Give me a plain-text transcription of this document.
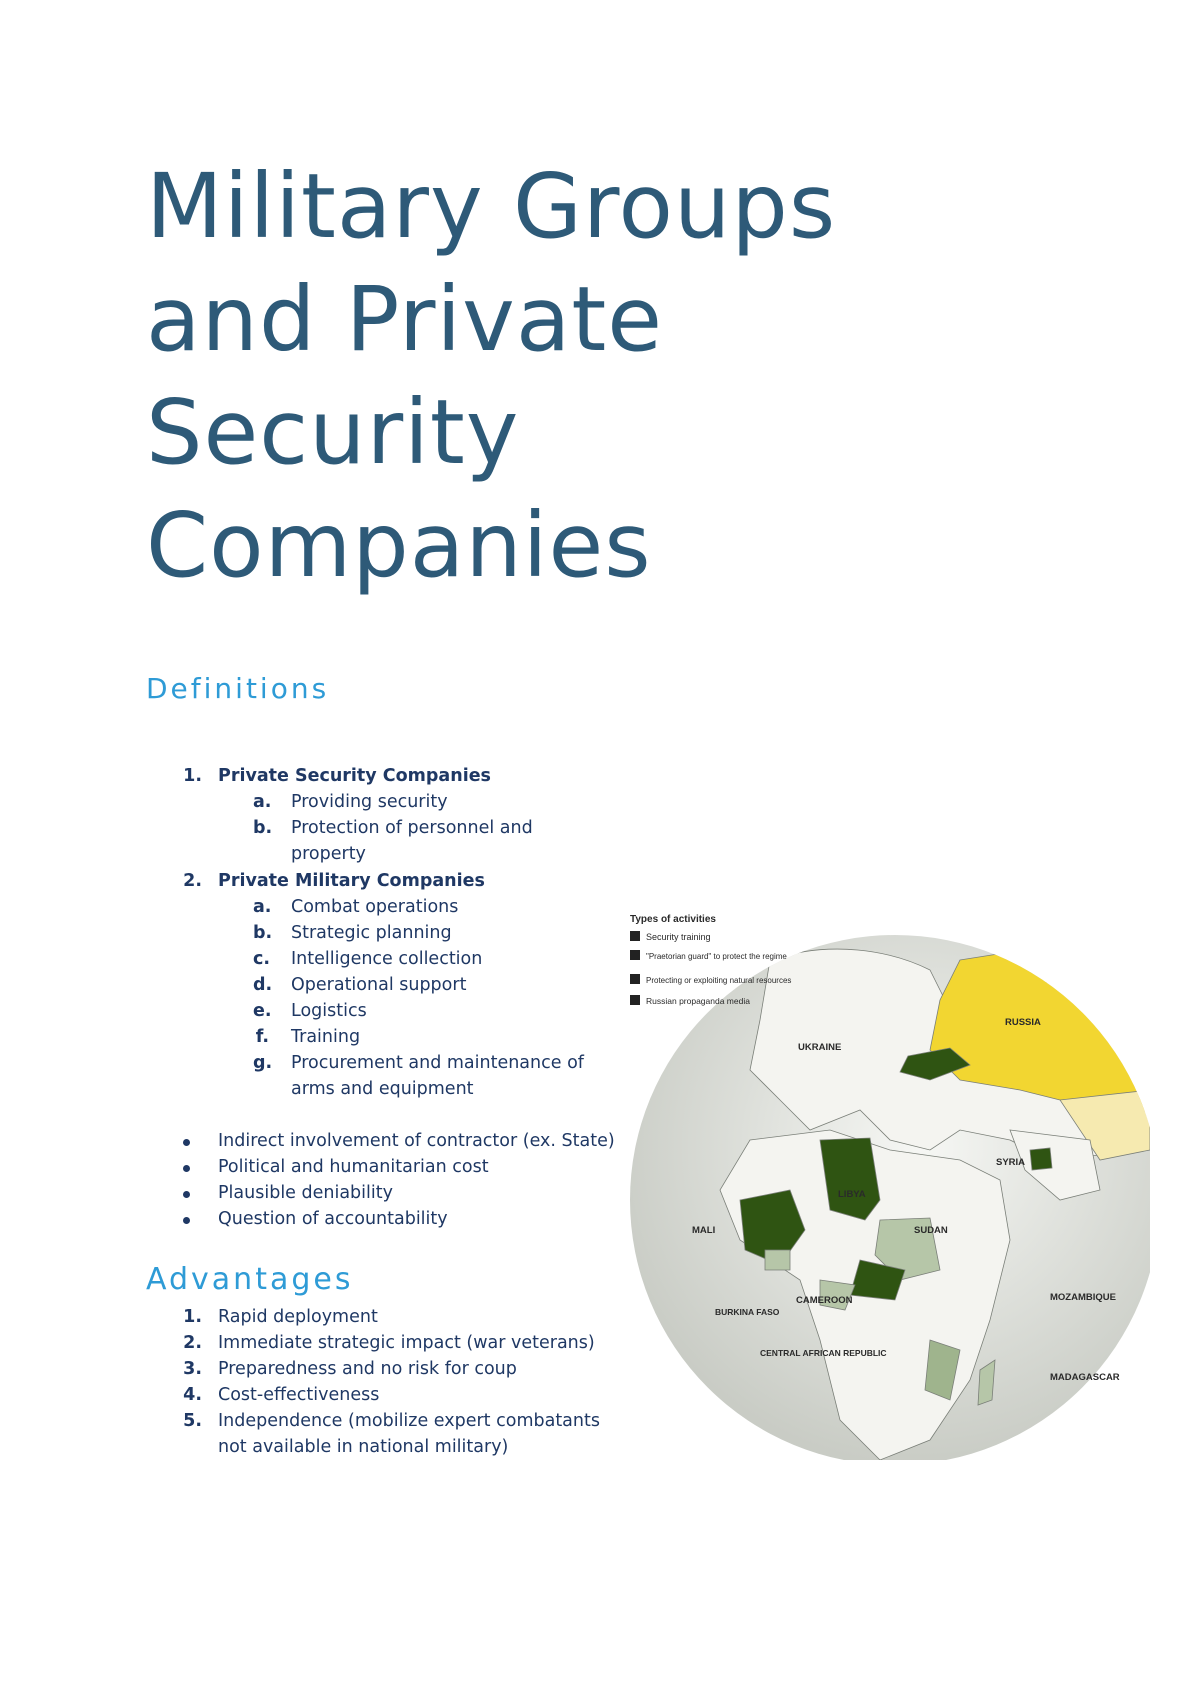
Military Groups
and Private
Security
Companies
Definitions
1. Private Security Companies
a. Providing security
b. Protection of personnel and property
2. Private Military Companies
a. Combat operations
b. Strategic planning
c. Intelligence collection
d. Operational support
e. Logistics
f. Training
g. Procurement and maintenance of arms and equipment
Indirect involvement of contractor (ex. State)
Political and humanitarian cost
Plausible deniability
Question of accountability
Advantages
1. Rapid deployment
2. Immediate strategic impact (war veterans)
3. Preparedness and no risk for coup
4. Cost-effectiveness
5. Independence (mobilize expert combatants not available in national military)
Types of activities
Security training
"Praetorian guard" to protect the regime
Protecting or exploiting natural resources
Russian propaganda media
RUSSIA
UKRAINE
SYRIA
LIBYA
MALI	SUDAN
BURKINA FASO
CAMEROON
CENTRAL AFRICAN REPUBLIC
MOZAMBIQUE
MADAGASCAR
